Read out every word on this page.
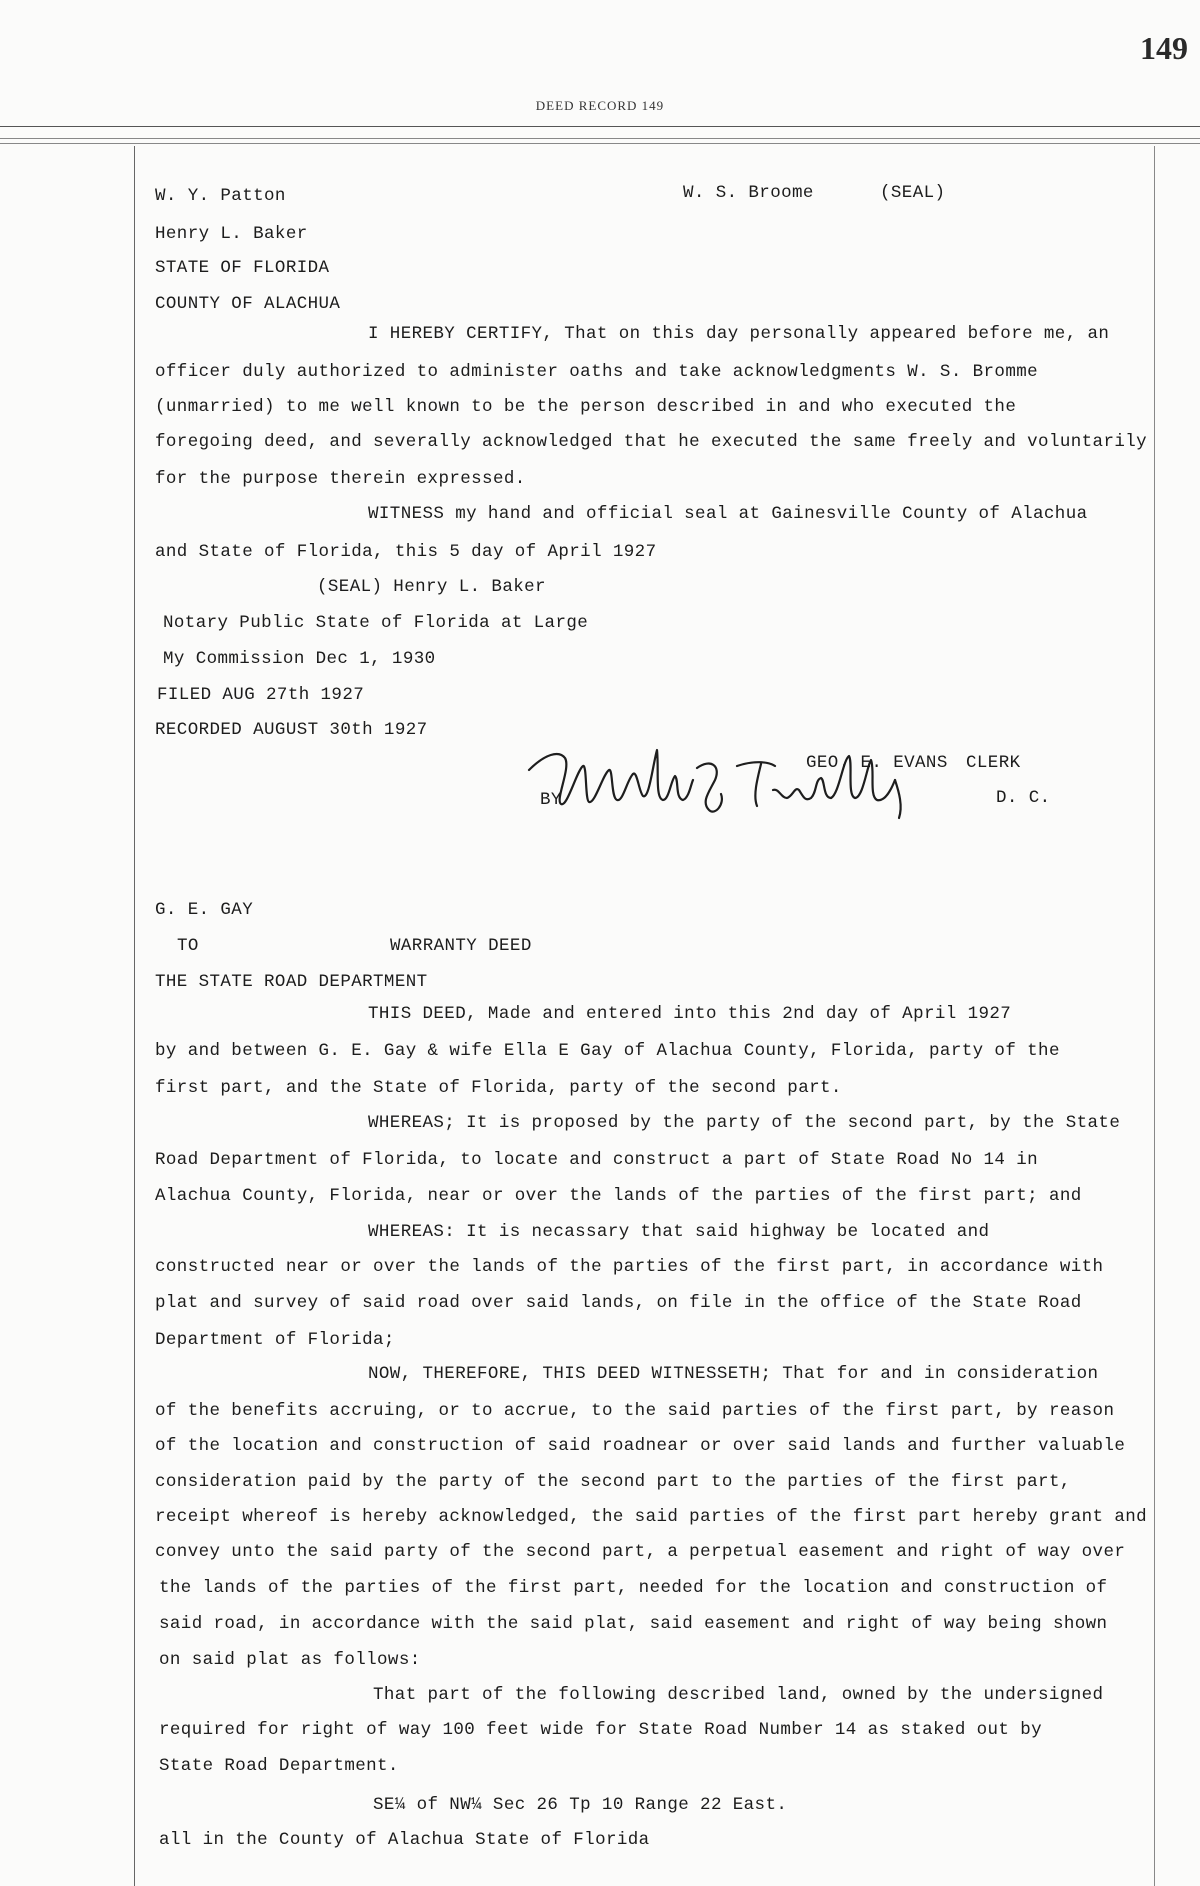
149
DEED RECORD 149
W. Y. Patton	W. S. Broome	(SEAL)
Henry L. Baker
STATE OF FLORIDA
COUNTY OF ALACHUA
I HEREBY CERTIFY, That on this day personally appeared before me, an
officer duly authorized to administer oaths and take acknowledgments W. S. Bromme
(unmarried) to me well known to be the person described in and who executed the
foregoing deed, and severally acknowledged that he executed the same freely and voluntarily
for the purpose therein expressed.
WITNESS my hand and official seal at Gainesville County of Alachua
and State of Florida, this 5 day of April 1927
(SEAL) Henry L. Baker
Notary Public State of Florida at Large
My Commission Dec 1, 1930
FILED AUG 27th 1927
RECORDED AUGUST 30th 1927
GEO. E. EVANS CLERK
BY	D. C.
G. E. GAY
TO	WARRANTY DEED
THE STATE ROAD DEPARTMENT
THIS DEED, Made and entered into this 2nd day of April 1927
by and between G. E. Gay & wife Ella E Gay of Alachua County, Florida, party of the
first part, and the State of Florida, party of the second part.
WHEREAS; It is proposed by the party of the second part, by the State
Road Department of Florida, to locate and construct a part of State Road No 14 in
Alachua County, Florida, near or over the lands of the parties of the first part; and
WHEREAS: It is necassary that said highway be located and
constructed near or over the lands of the parties of the first part, in accordance with
plat and survey of said road over said lands, on file in the office of the State Road
Department of Florida;
NOW, THEREFORE, THIS DEED WITNESSETH; That for and in consideration
of the benefits accruing, or to accrue, to the said parties of the first part, by reason
of the location and construction of said roadnear or over said lands and further valuable
consideration paid by the party of the second part to the parties of the first part,
receipt whereof is hereby acknowledged, the said parties of the first part hereby grant and
convey unto the said party of the second part, a perpetual easement and right of way over
the lands of the parties of the first part, needed for the location and construction of
said road, in accordance with the said plat, said easement and right of way being shown
on said plat as follows:
That part of the following described land, owned by the undersigned
required for right of way 100 feet wide for State Road Number 14 as staked out by
State Road Department.
SE¼ of NW¼ Sec 26 Tp 10 Range 22 East.
all in the County of Alachua State of Florida
